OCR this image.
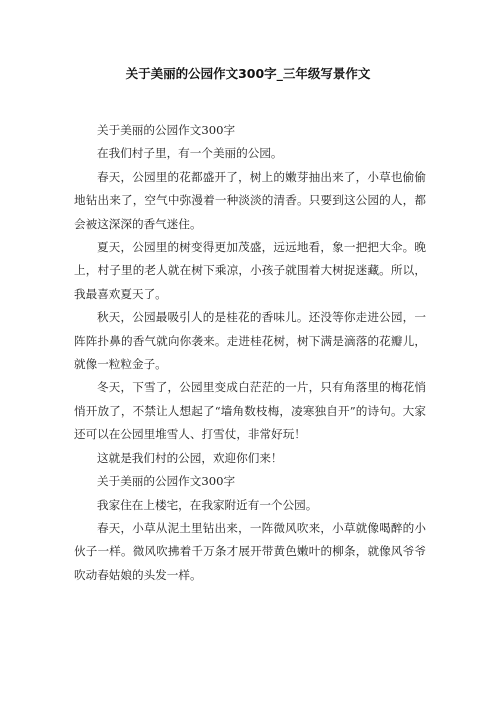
关于美丽的公园作文300字_三年级写景作文

关于美丽的公园作文300字

在我们村子里，有一个美丽的公园。

春天，公园里的花都盛开了，树上的嫩芽抽出来了，小草也偷偷地钻出来了，空气中弥漫着一种淡淡的清香。只要到这公园的人，都会被这深深的香气迷住。

夏天，公园里的树变得更加茂盛，远远地看，象一把把大伞。晚上，村子里的老人就在树下乘凉，小孩子就围着大树捉迷藏。所以，我最喜欢夏天了。

秋天，公园最吸引人的是桂花的香味儿。还没等你走进公园，一阵阵扑鼻的香气就向你袭来。走进桂花树，树下满是滴落的花瓣儿，就像一粒粒金子。

冬天，下雪了，公园里变成白茫茫的一片，只有角落里的梅花悄悄开放了，不禁让人想起了“墙角数枝梅，凌寒独自开”的诗句。大家还可以在公园里堆雪人、打雪仗，非常好玩！

这就是我们村的公园，欢迎你们来！

关于美丽的公园作文300字

我家住在上楼宅，在我家附近有一个公园。

春天，小草从泥土里钻出来，一阵微风吹来，小草就像喝醉的小伙子一样。微风吹拂着千万条才展开带黄色嫩叶的柳条，就像风爷爷吹动春姑娘的头发一样。
